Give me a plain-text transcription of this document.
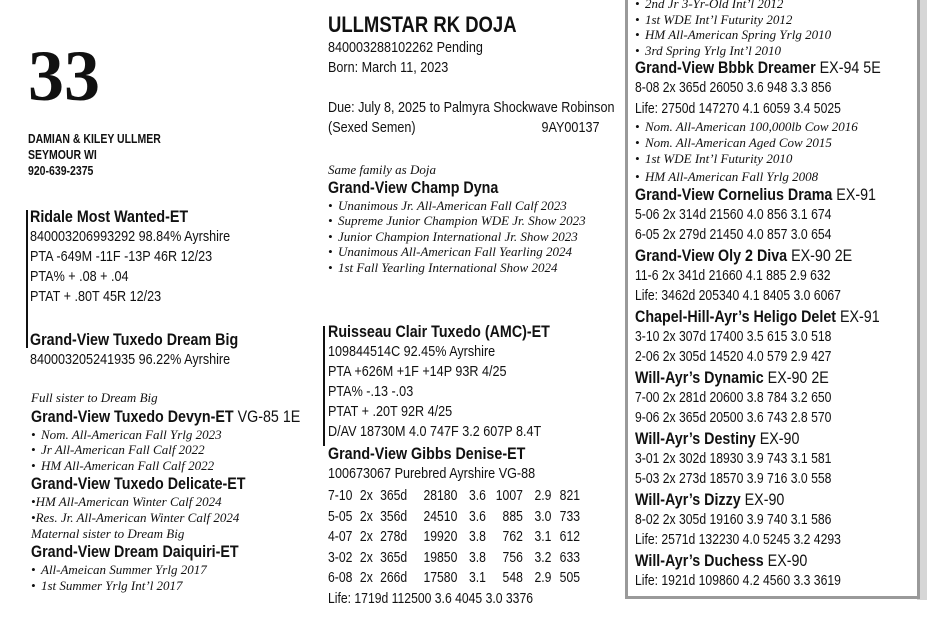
33
DAMIAN & KILEY ULLMER
SEYMOUR WI
920-639-2375
Ridale Most Wanted-ET
840003206993292 98.84% Ayrshire
PTA -649M -11F -13P 46R 12/23
PTA% + .08 + .04
PTAT + .80T 45R 12/23
Grand-View Tuxedo Dream Big
840003205241935 96.22% Ayrshire
Full sister to Dream Big
Grand-View Tuxedo Devyn-ET VG-85 1E
• Nom. All-American Fall Yrlg 2023
• Jr All-American Fall Calf 2022
• HM All-American Fall Calf 2022
Grand-View Tuxedo Delicate-ET
•HM All-American Winter Calf 2024
•Res. Jr. All-American Winter Calf 2024
Maternal sister to Dream Big
Grand-View Dream Daiquiri-ET
• All-Ameican Summer Yrlg 2017
• 1st Summer Yrlg Int’l 2017
ULLMSTAR RK DOJA
840003288102262 Pending
Born: March 11, 2023
Due: July 8, 2025 to Palmyra Shockwave Robinson
(Sexed Semen)	9AY00137
Same family as Doja
Grand-View Champ Dyna
• Unanimous Jr. All-American Fall Calf 2023
• Supreme Junior Champion WDE Jr. Show 2023
• Junior Champion International Jr. Show 2023
• Unanimous All-American Fall Yearling 2024
• 1st Fall Yearling International Show 2024
Ruisseau Clair Tuxedo (AMC)-ET
109844514C 92.45% Ayrshire
PTA +626M +1F +14P 93R 4/25
PTA% -.13 -.03
PTAT + .20T 92R 4/25
D/AV 18730M 4.0 747F 3.2 607P 8.4T
Grand-View Gibbs Denise-ET
100673067 Purebred Ayrshire VG-88
7-10 2x 365d 28180 3.6 1007 2.9 821
5-05 2x 356d 24510 3.6 885 3.0 733
4-07 2x 278d 19920 3.8 762 3.1 612
3-02 2x 365d 19850 3.8 756 3.2 633
6-08 2x 266d 17580 3.1 548 2.9 505
Life: 1719d 112500 3.6 4045 3.0 3376
• 2nd Jr 3-Yr-Old Int’l 2012
• 1st WDE Int’l Futurity 2012
• HM All-American Spring Yrlg 2010
• 3rd Spring Yrlg Int’l 2010
Grand-View Bbbk Dreamer EX-94 5E
8-08 2x 365d 26050 3.6 948 3.3 856
Life: 2750d 147270 4.1 6059 3.4 5025
• Nom. All-American 100,000lb Cow 2016
• Nom. All-American Aged Cow 2015
• 1st WDE Int’l Futurity 2010
• HM All-American Fall Yrlg 2008
Grand-View Cornelius Drama EX-91
5-06 2x 314d 21560 4.0 856 3.1 674
6-05 2x 279d 21450 4.0 857 3.0 654
Grand-View Oly 2 Diva EX-90 2E
11-6 2x 341d 21660 4.1 885 2.9 632
Life: 3462d 205340 4.1 8405 3.0 6067
Chapel-Hill-Ayr’s Heligo Delet EX-91
3-10 2x 307d 17400 3.5 615 3.0 518
2-06 2x 305d 14520 4.0 579 2.9 427
Will-Ayr’s Dynamic EX-90 2E
7-00 2x 281d 20600 3.8 784 3.2 650
9-06 2x 365d 20500 3.6 743 2.8 570
Will-Ayr’s Destiny EX-90
3-01 2x 302d 18930 3.9 743 3.1 581
5-03 2x 273d 18570 3.9 716 3.0 558
Will-Ayr’s Dizzy EX-90
8-02 2x 305d 19160 3.9 740 3.1 586
Life: 2571d 132230 4.0 5245 3.2 4293
Will-Ayr’s Duchess EX-90
Life: 1921d 109860 4.2 4560 3.3 3619
